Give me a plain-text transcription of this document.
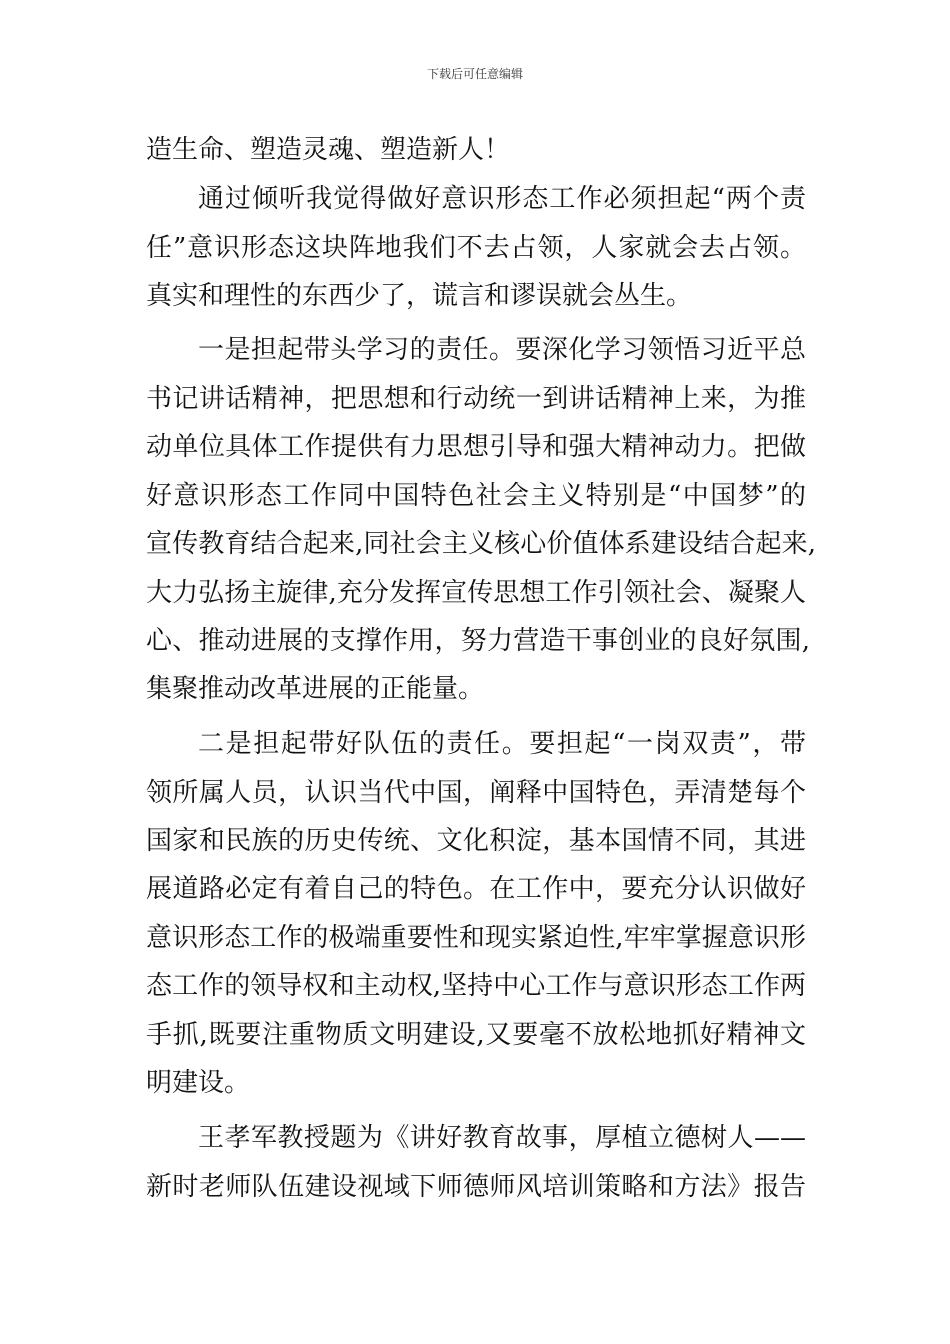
下载后可任意编辑
造生命、塑造灵魂、塑造新人！
通过倾听我觉得做好意识形态工作必须担起“两个责
任”意识形态这块阵地我们不去占领，人家就会去占领。
真实和理性的东西少了，谎言和谬误就会丛生。
一是担起带头学习的责任。要深化学习领悟习近平总
书记讲话精神，把思想和行动统一到讲话精神上来，为推
动单位具体工作提供有力思想引导和强大精神动力。把做
好意识形态工作同中国特色社会主义特别是“中国梦”的
宣传教育结合起来,同社会主义核心价值体系建设结合起来,
大力弘扬主旋律,充分发挥宣传思想工作引领社会、凝聚人
心、推动进展的支撑作用，努力营造干事创业的良好氛围,
集聚推动改革进展的正能量。
二是担起带好队伍的责任。要担起“一岗双责”，带
领所属人员，认识当代中国，阐释中国特色，弄清楚每个
国家和民族的历史传统、文化积淀，基本国情不同，其进
展道路必定有着自己的特色。在工作中，要充分认识做好
意识形态工作的极端重要性和现实紧迫性,牢牢掌握意识形
态工作的领导权和主动权,坚持中心工作与意识形态工作两
手抓,既要注重物质文明建设,又要毫不放松地抓好精神文
明建设。
王孝军教授题为《讲好教育故事，厚植立德树人——
新时老师队伍建设视域下师德师风培训策略和方法》报告
